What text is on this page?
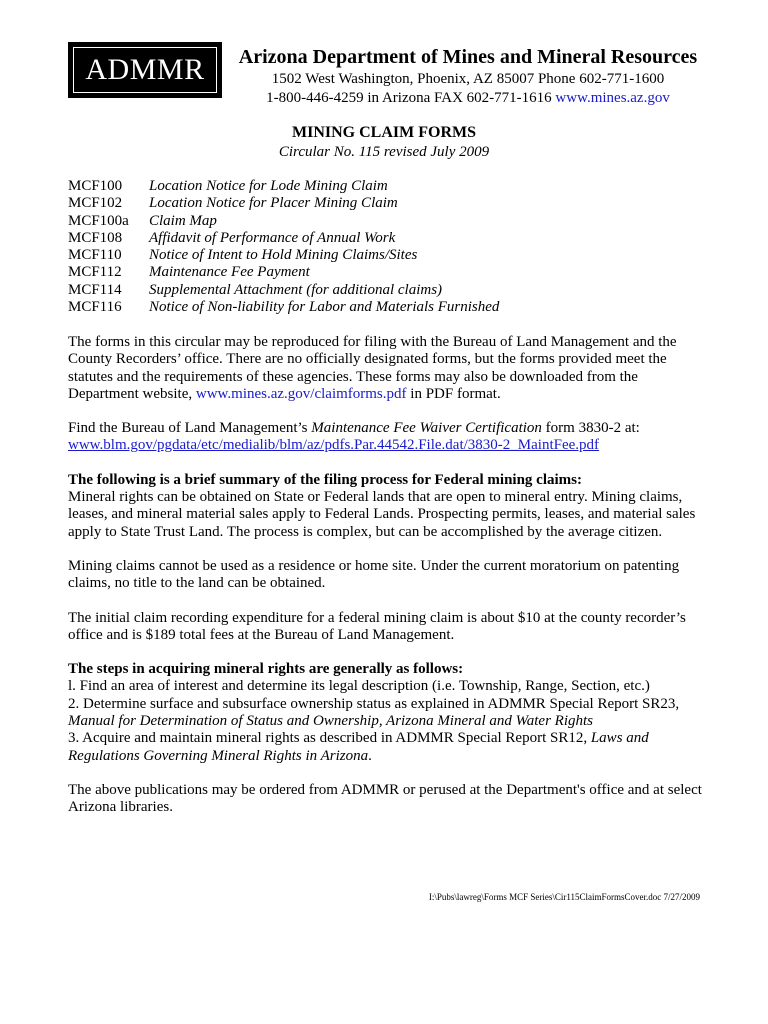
ADMMR	Arizona Department of Mines and Mineral Resources
1502 West Washington, Phoenix, AZ 85007 Phone 602-771-1600
1-800-446-4259 in Arizona FAX 602-771-1616 www.mines.az.gov
MINING CLAIM FORMS
Circular No. 115 revised July 2009
MCF100	Location Notice for Lode Mining Claim
MCF102	Location Notice for Placer Mining Claim
MCF100a	Claim Map
MCF108	Affidavit of Performance of Annual Work
MCF110	Notice of Intent to Hold Mining Claims/Sites
MCF112	Maintenance Fee Payment
MCF114	Supplemental Attachment (for additional claims)
MCF116	Notice of Non-liability for Labor and Materials Furnished

The forms in this circular may be reproduced for filing with the Bureau of Land Management and the County Recorders’ office. There are no officially designated forms, but the forms provided meet the statutes and the requirements of these agencies. These forms may also be downloaded from the Department website, www.mines.az.gov/claimforms.pdf in PDF format.

Find the Bureau of Land Management’s Maintenance Fee Waiver Certification form 3830-2 at:
www.blm.gov/pgdata/etc/medialib/blm/az/pdfs.Par.44542.File.dat/3830-2_MaintFee.pdf

The following is a brief summary of the filing process for Federal mining claims:
Mineral rights can be obtained on State or Federal lands that are open to mineral entry. Mining claims, leases, and mineral material sales apply to Federal Lands. Prospecting permits, leases, and material sales apply to State Trust Land. The process is complex, but can be accomplished by the average citizen.

Mining claims cannot be used as a residence or home site. Under the current moratorium on patenting claims, no title to the land can be obtained.

The initial claim recording expenditure for a federal mining claim is about $10 at the county recorder’s office and is $189 total fees at the Bureau of Land Management.

The steps in acquiring mineral rights are generally as follows:
l. Find an area of interest and determine its legal description (i.e. Township, Range, Section, etc.)
2. Determine surface and subsurface ownership status as explained in ADMMR Special Report SR23,
Manual for Determination of Status and Ownership, Arizona Mineral and Water Rights
3. Acquire and maintain mineral rights as described in ADMMR Special Report SR12, Laws and Regulations Governing Mineral Rights in Arizona.

The above publications may be ordered from ADMMR or perused at the Department's office and at select Arizona libraries.

I:\Pubs\lawreg\Forms MCF Series\Cir115ClaimFormsCover.doc 7/27/2009
